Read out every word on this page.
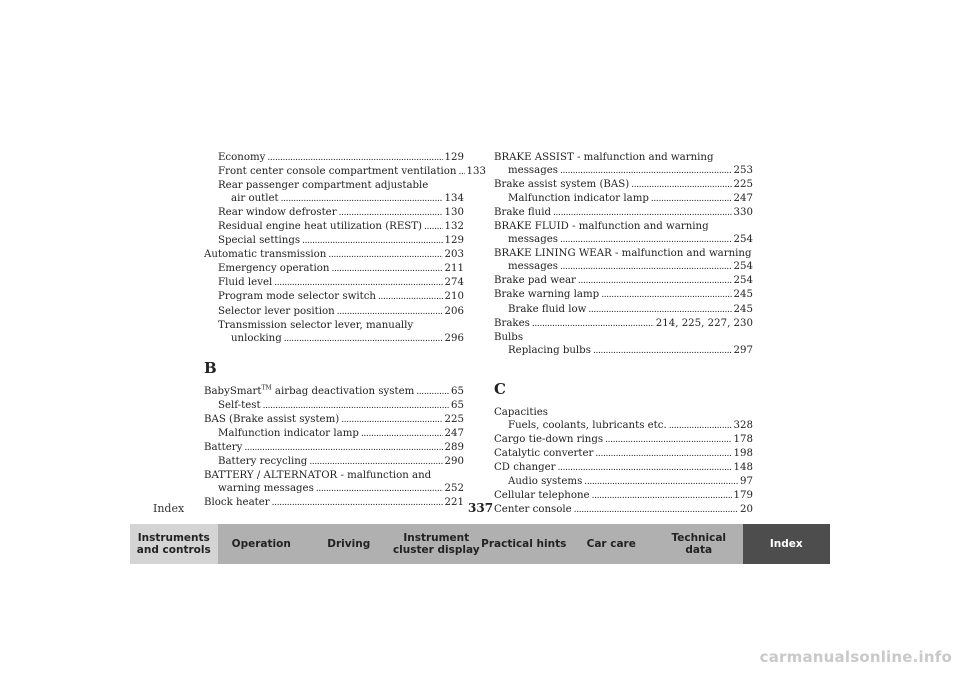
Economy . . .	129
Front center console compartment ventilation . . . 133
Rear passenger compartment adjustable
air outlet . . .	134
Rear window defroster . . .	130
Residual engine heat utilization (REST) . . . 132
Special settings . . .	129
Automatic transmission . . .	203
Emergency operation . . .	211
Fluid level . . .	274
Program mode selector switch . . .	210
Selector lever position . . .	206
Transmission selector lever, manually
unlocking . . .	296
B
BabySmart™ airbag deactivation system . . .	65
Self-test . . .	65
BAS (Brake assist system) . . .	225
Malfunction indicator lamp . . .	247
Battery . . .	289
Battery recycling . . .	290
BATTERY / ALTERNATOR - malfunction and
warning messages . . .	252
Block heater . . .	221
BRAKE ASSIST - malfunction and warning
messages . . .	253
Brake assist system (BAS) . . .	225
Malfunction indicator lamp . . .	247
Brake fluid . . .	330
BRAKE FLUID - malfunction and warning
messages . . .	254
BRAKE LINING WEAR - malfunction and warning
messages . . .	254
Brake pad wear . . .	254
Brake warning lamp . . .	245
Brake fluid low . . .	245
Brakes . . .	214, 225, 227, 230
Bulbs
Replacing bulbs . . .	297
C
Capacities
Fuels, coolants, lubricants etc. . . .	328
Cargo tie-down rings . . .	178
Catalytic converter . . .	198
CD changer . . .	148
Audio systems . . .	97
Cellular telephone . . .	179
Center console . . .	20
Index	337
Instruments
and controls	Operation	Driving	Instrument
cluster display Practical hints	Car care	Technical
data	Index
carmanualsonline.info
